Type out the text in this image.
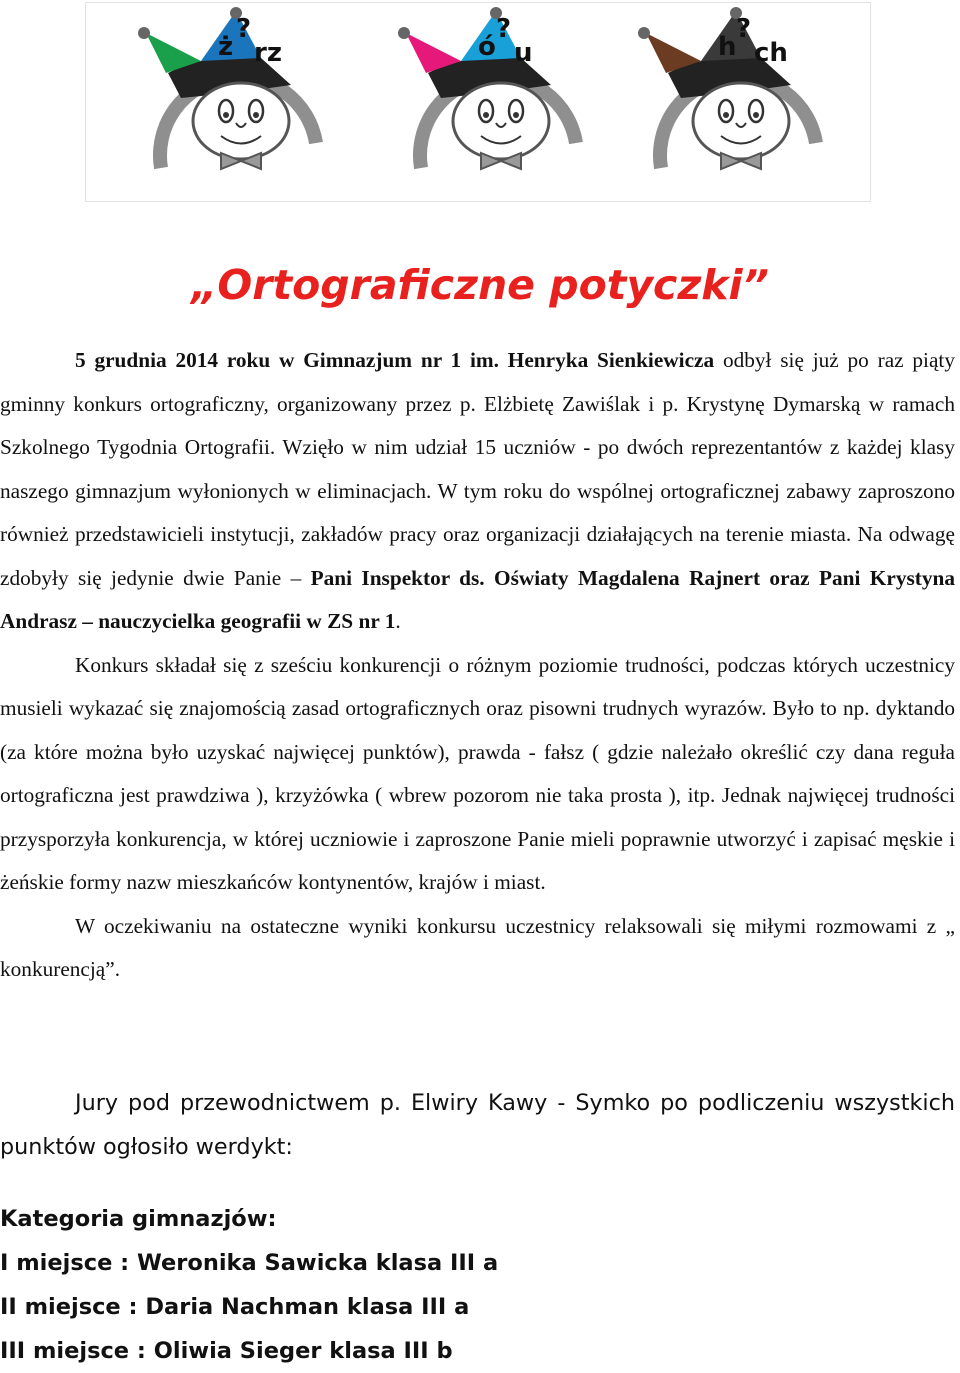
ż rz
?
ó u
?
h ch
?
„Ortograficzne potyczki”

5 grudnia 2014 roku w Gimnazjum nr 1 im. Henryka Sienkiewicza odbył się już po raz piąty gminny konkurs ortograficzny, organizowany przez p. Elżbietę Zawiślak i p. Krystynę Dymarską w ramach Szkolnego Tygodnia Ortografii. Wzięło w nim udział 15 uczniów - po dwóch reprezentantów z każdej klasy naszego gimnazjum wyłonionych w eliminacjach. W tym roku do wspólnej ortograficznej zabawy zaproszono również przedstawicieli instytucji, zakładów pracy oraz organizacji działających na terenie miasta. Na odwagę zdobyły się jedynie dwie Panie – Pani Inspektor ds. Oświaty Magdalena Rajnert oraz Pani Krystyna Andrasz – nauczycielka geografii w ZS nr 1.

Konkurs składał się z sześciu konkurencji o różnym poziomie trudności, podczas których uczestnicy musieli wykazać się znajomością zasad ortograficznych oraz pisowni trudnych wyrazów. Było to np. dyktando (za które można było uzyskać najwięcej punktów), prawda - fałsz ( gdzie należało określić czy dana reguła ortograficzna jest prawdziwa ), krzyżówka ( wbrew pozorom nie taka prosta ), itp. Jednak najwięcej trudności przysporzyła konkurencja, w której uczniowie i zaproszone Panie mieli poprawnie utworzyć i zapisać męskie i żeńskie formy nazw mieszkańców kontynentów, krajów i miast.

W oczekiwaniu na ostateczne wyniki konkursu uczestnicy relaksowali się miłymi rozmowami z „ konkurencją”.

Jury pod przewodnictwem p. Elwiry Kawy - Symko po podliczeniu wszystkich punktów ogłosiło werdykt:

Kategoria gimnazjów:
I miejsce : Weronika Sawicka klasa III a
II miejsce : Daria Nachman klasa III a
III miejsce : Oliwia Sieger klasa III b
